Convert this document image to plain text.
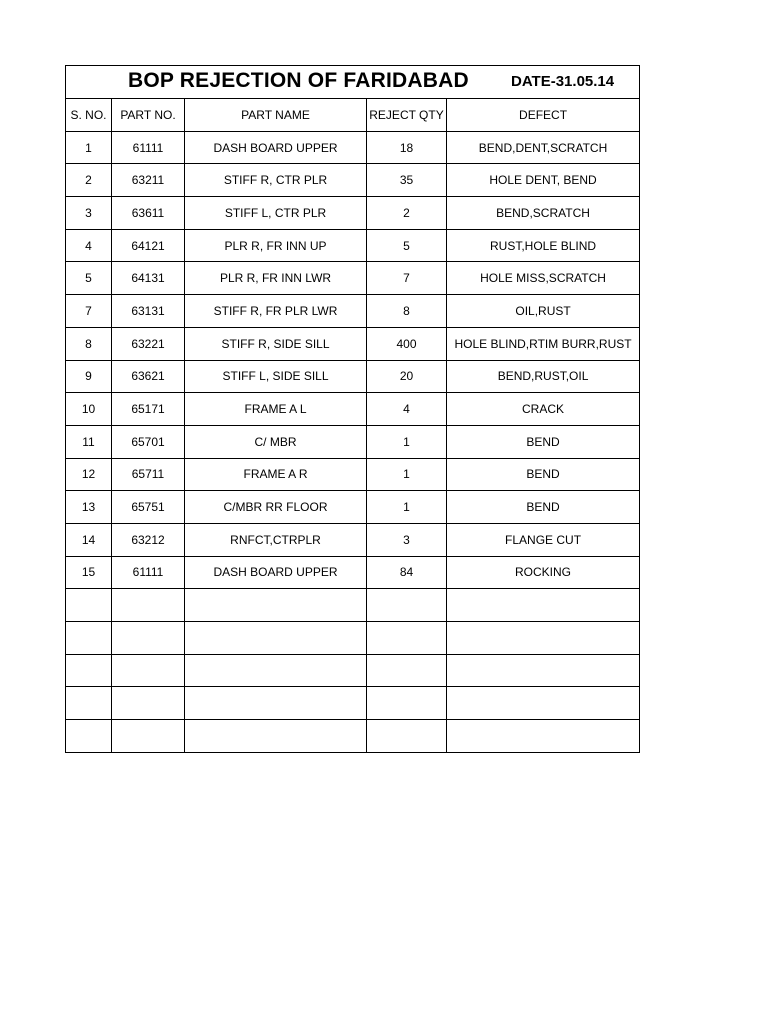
BOP REJECTION OF FARIDABAD DATE-31.05.14				

S. NO.	PART NO.	PART NAME	REJECT QTY	DEFECT
1	61111	DASH BOARD UPPER	18	BEND,DENT,SCRATCH
2	63211	STIFF R, CTR PLR	35	HOLE DENT, BEND
3	63611	STIFF L, CTR PLR	2	BEND,SCRATCH
4	64121	PLR R, FR INN UP	5	RUST,HOLE BLIND
5	64131	PLR R, FR INN LWR	7	HOLE MISS,SCRATCH
7	63131	STIFF R, FR PLR LWR	8	OIL,RUST
8	63221	STIFF R, SIDE SILL	400	HOLE BLIND,RTIM BURR,RUST
9	63621	STIFF L, SIDE SILL	20	BEND,RUST,OIL
10	65171	FRAME A L	4	CRACK
11	65701	C/ MBR	1	BEND
12	65711	FRAME A R	1	BEND
13	65751	C/MBR RR FLOOR	1	BEND
14	63212	RNFCT,CTRPLR	3	FLANGE CUT
15	61111	DASH BOARD UPPER	84	ROCKING
